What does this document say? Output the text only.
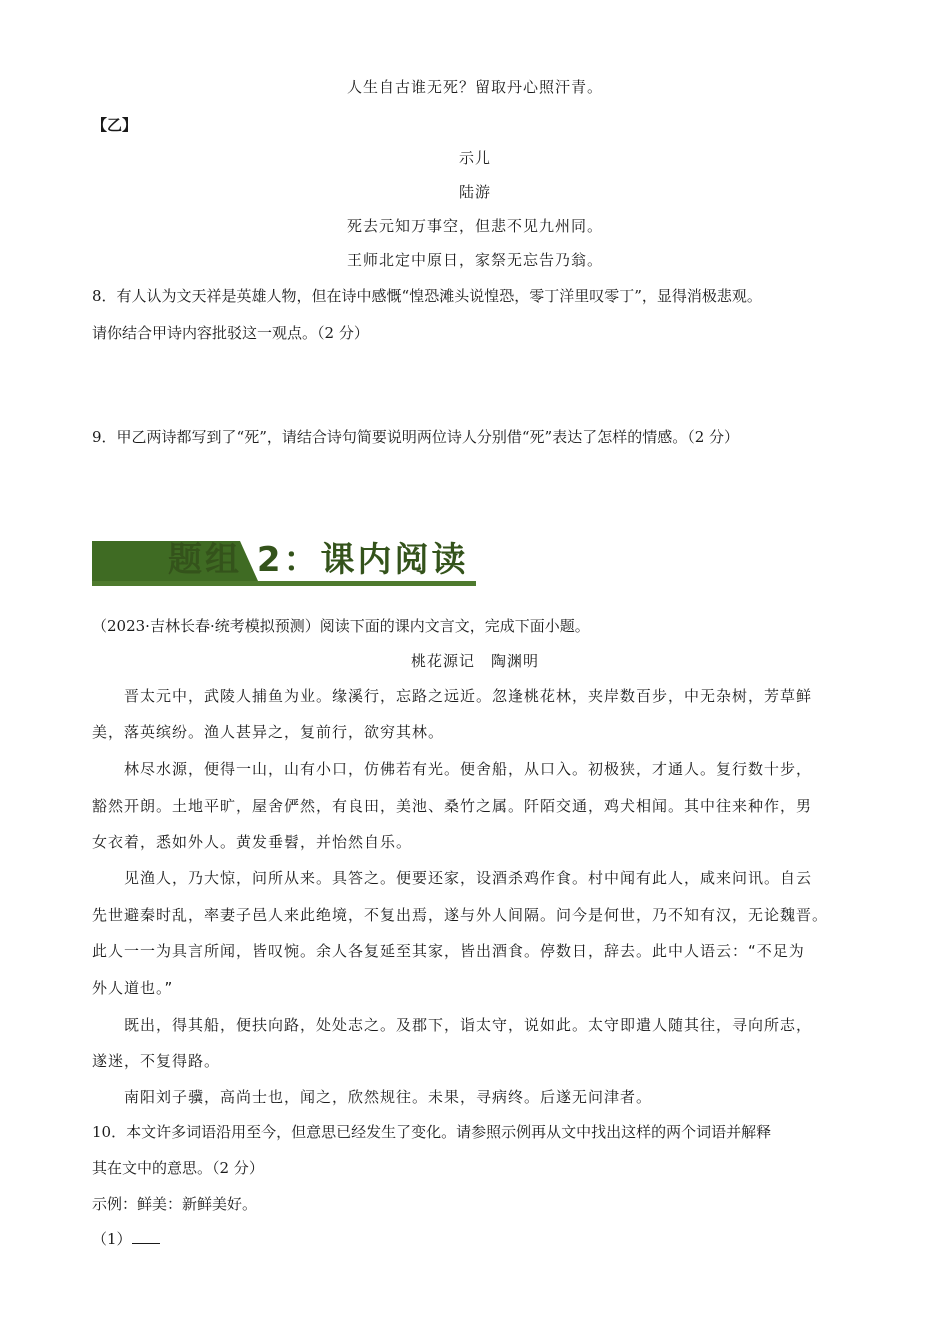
人生自古谁无死？留取丹心照汗青。
【乙】
示儿
陆游
死去元知万事空，但悲不见九州同。
王师北定中原日，家祭无忘告乃翁。
8．有人认为文天祥是英雄人物，但在诗中感慨“惶恐滩头说惶恐，零丁洋里叹零丁”，显得消极悲观。
请你结合甲诗内容批驳这一观点。（2 分）
9．甲乙两诗都写到了“死”，请结合诗句简要说明两位诗人分别借“死”表达了怎样的情感。（2 分）
题组 2：课内阅读
（2023·吉林长春·统考模拟预测）阅读下面的课内文言文，完成下面小题。
桃花源记　陶渊明
晋太元中，武陵人捕鱼为业。缘溪行，忘路之远近。忽逢桃花林，夹岸数百步，中无杂树，芳草鲜
美，落英缤纷。渔人甚异之，复前行，欲穷其林。
林尽水源，便得一山，山有小口，仿佛若有光。便舍船，从口入。初极狭，才通人。复行数十步，
豁然开朗。土地平旷，屋舍俨然，有良田，美池、桑竹之属。阡陌交通，鸡犬相闻。其中往来种作，男
女衣着，悉如外人。黄发垂髫，并怡然自乐。
见渔人，乃大惊，问所从来。具答之。便要还家，设酒杀鸡作食。村中闻有此人，咸来问讯。自云
先世避秦时乱，率妻子邑人来此绝境，不复出焉，遂与外人间隔。问今是何世，乃不知有汉，无论魏晋。
此人一一为具言所闻，皆叹惋。余人各复延至其家，皆出酒食。停数日，辞去。此中人语云：“不足为
外人道也。”
既出，得其船，便扶向路，处处志之。及郡下，诣太守，说如此。太守即遣人随其往，寻向所志，
遂迷，不复得路。
南阳刘子骥，高尚士也，闻之，欣然规往。未果，寻病终。后遂无问津者。
10．本文许多词语沿用至今，但意思已经发生了变化。请参照示例再从文中找出这样的两个词语并解释
其在文中的意思。（2 分）
示例：鲜美：新鲜美好。
（1）
